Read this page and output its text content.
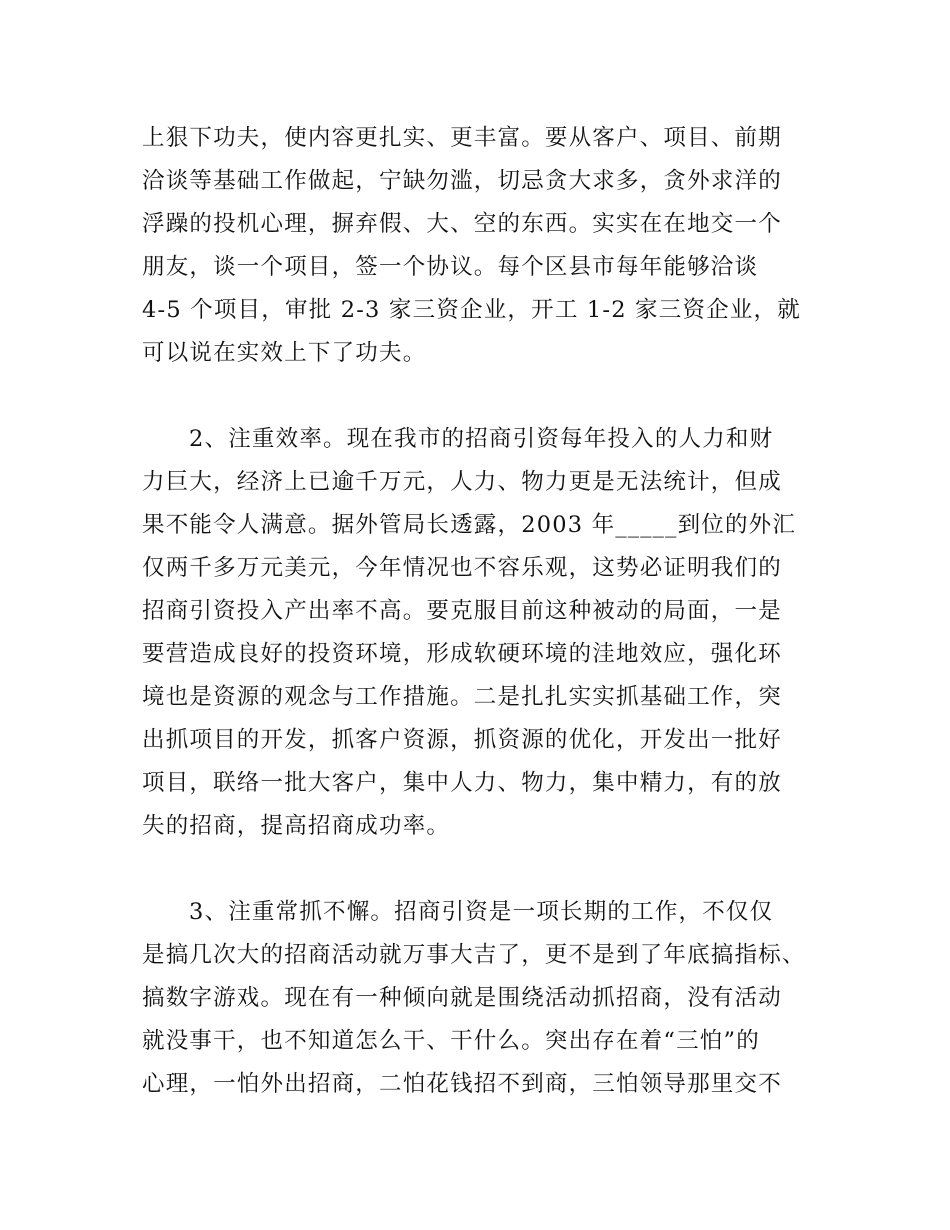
上狠下功夫，使内容更扎实、更丰富。要从客户、项目、前期
洽谈等基础工作做起，宁缺勿滥，切忌贪大求多，贪外求洋的
浮躁的投机心理，摒弃假、大、空的东西。实实在在地交一个
朋友，谈一个项目，签一个协议。每个区县市每年能够洽谈
4-5 个项目，审批 2-3 家三资企业，开工 1-2 家三资企业，就
可以说在实效上下了功夫。
2、注重效率。现在我市的招商引资每年投入的人力和财
力巨大，经济上已逾千万元，人力、物力更是无法统计，但成
果不能令人满意。据外管局长透露，2003 年_____到位的外汇
仅两千多万元美元，今年情况也不容乐观，这势必证明我们的
招商引资投入产出率不高。要克服目前这种被动的局面，一是
要营造成良好的投资环境，形成软硬环境的洼地效应，强化环
境也是资源的观念与工作措施。二是扎扎实实抓基础工作，突
出抓项目的开发，抓客户资源，抓资源的优化，开发出一批好
项目，联络一批大客户，集中人力、物力，集中精力，有的放
失的招商，提高招商成功率。
3、注重常抓不懈。招商引资是一项长期的工作，不仅仅
是搞几次大的招商活动就万事大吉了，更不是到了年底搞指标、
搞数字游戏。现在有一种倾向就是围绕活动抓招商，没有活动
就没事干，也不知道怎么干、干什么。突出存在着“三怕”的
心理，一怕外出招商，二怕花钱招不到商，三怕领导那里交不
